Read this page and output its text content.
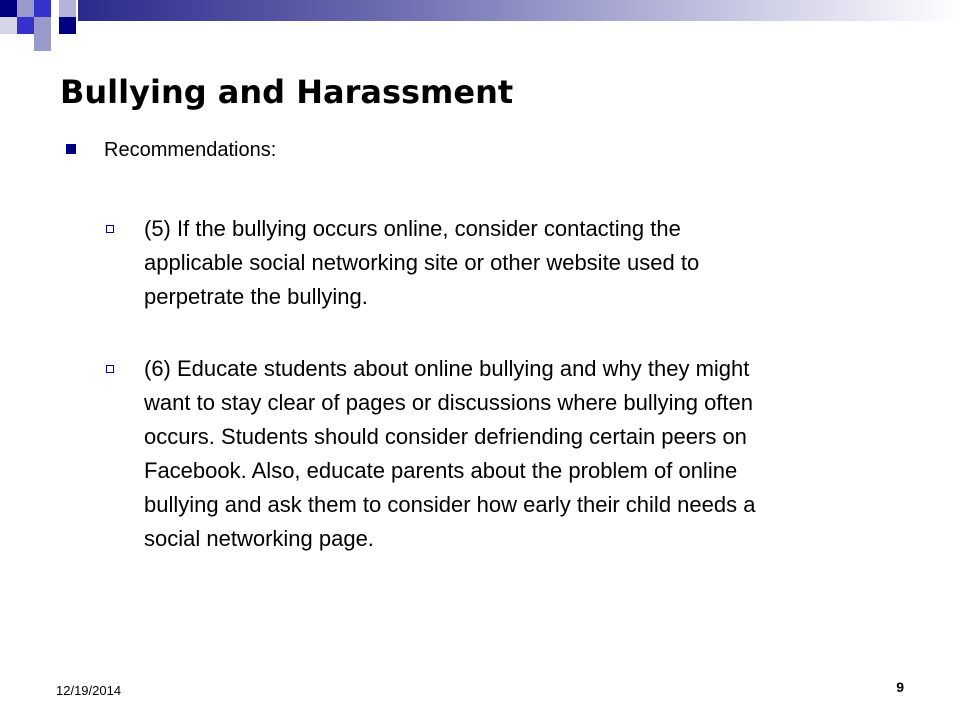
Bullying and Harassment
Recommendations:
(5) If the bullying occurs online, consider contacting the
applicable social networking site or other website used to
perpetrate the bullying.
(6) Educate students about online bullying and why they might
want to stay clear of pages or discussions where bullying often
occurs. Students should consider defriending certain peers on
Facebook. Also, educate parents about the problem of online
bullying and ask them to consider how early their child needs a
social networking page.
12/19/2014	9
